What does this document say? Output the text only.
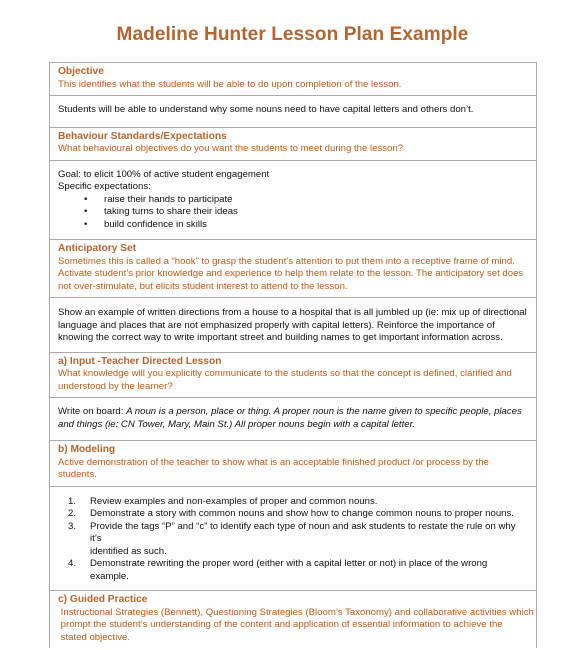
Madeline Hunter Lesson Plan Example
Objective
This identifies what the students will be able to do upon completion of the lesson.
Students will be able to understand why some nouns need to have capital letters and others don’t.
Behaviour Standards/Expectations
What behavioural objectives do you want the students to meet during the lesson?
Goal: to elicit 100% of active student engagement
Specific expectations:
• raise their hands to participate
• taking turns to share their ideas
• build confidence in skills
Anticipatory Set
Sometimes this is called a “hook” to grasp the student’s attention to put them into a receptive frame of mind.
Activate student’s prior knowledge and experience to help them relate to the lesson. The anticipatory set does
not over-stimulate, but elicits student interest to attend to the lesson.
Show an example of written directions from a house to a hospital that is all jumbled up (ie: mix up of directional
language and places that are not emphasized properly with capital letters). Reinforce the importance of
knowing the correct way to write important street and building names to get important information across.
a) Input -Teacher Directed Lesson
What knowledge will you explicitly communicate to the students so that the concept is defined, clarified and
understood by the learner?
Write on board: A noun is a person, place or thing. A proper noun is the name given to specific people, places
and things (ie: CN Tower, Mary, Main St.) All proper nouns begin with a capital letter.
b) Modeling
Active demonstration of the teacher to show what is an acceptable finished product /or process by the students.
1. Review examples and non-examples of proper and common nouns.
2. Demonstrate a story with common nouns and show how to change common nouns to proper nouns.
3. Provide the tags “P” and “c” to identify each type of noun and ask students to restate the rule on why it’s
identified as such.
4. Demonstrate rewriting the proper word (either with a capital letter or not) in place of the wrong example.
c) Guided Practice
Instructional Strategies (Bennett), Questioning Strategies (Bloom’s Taxonomy) and collaborative activities which
prompt the student’s understanding of the content and application of essential information to achieve the
stated objective.
